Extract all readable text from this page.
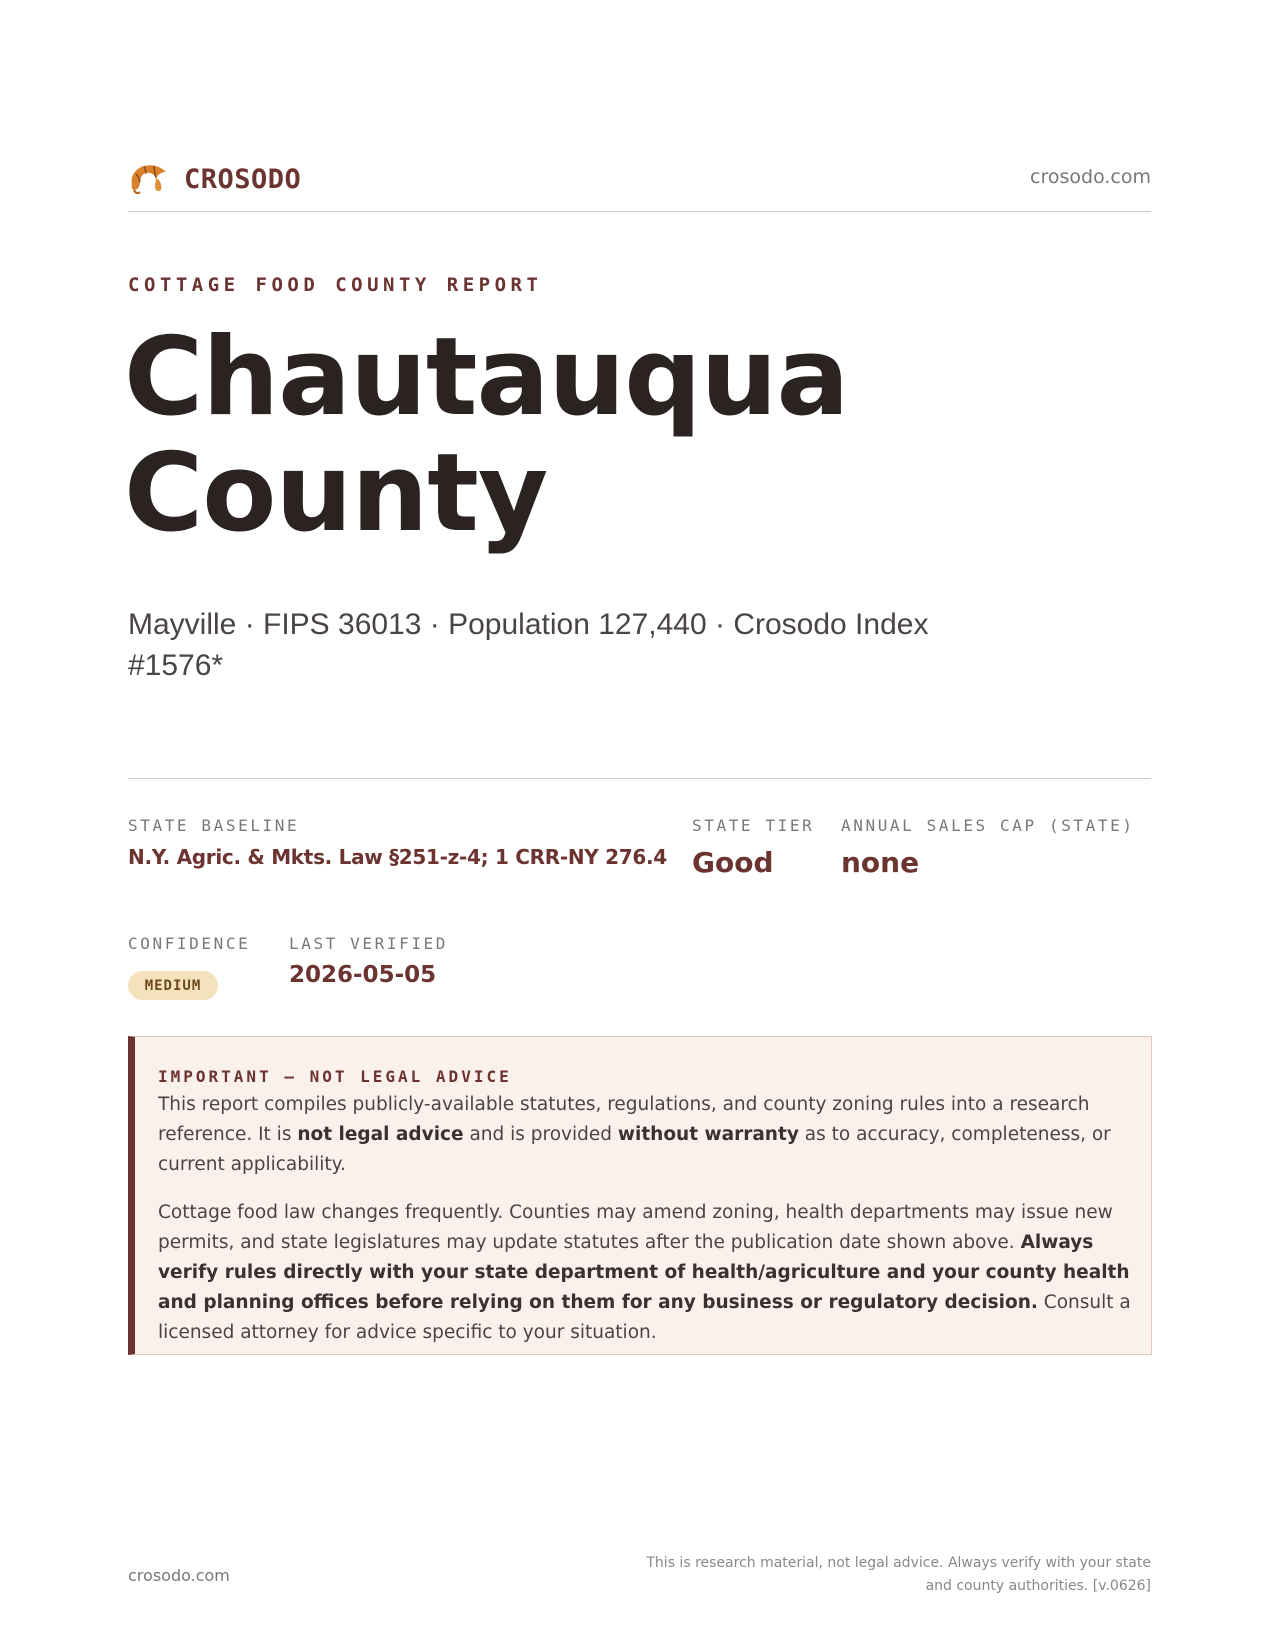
CROSODO	crosodo.com
COTTAGE FOOD COUNTY REPORT
Chautauqua
County
Mayville · FIPS 36013 · Population 127,440 · Crosodo Index #1576*
STATE BASELINE
N.Y. Agric. & Mkts. Law §251-z-4; 1 CRR-NY 276.4
STATE TIER
Good
ANNUAL SALES CAP (STATE)
none
CONFIDENCE
MEDIUM
LAST VERIFIED
2026-05-05
IMPORTANT — NOT LEGAL ADVICE

This report compiles publicly-available statutes, regulations, and county zoning rules into a research reference. It is not legal advice and is provided without warranty as to accuracy, completeness, or current applicability.

Cottage food law changes frequently. Counties may amend zoning, health departments may issue new permits, and state legislatures may update statutes after the publication date shown above. Always verify rules directly with your state department of health/agriculture and your county health and planning offices before relying on them for any business or regulatory decision. Consult a licensed attorney for advice specific to your situation.

crosodo.com
This is research material, not legal advice. Always verify with your state
and county authorities. [v.0626]
